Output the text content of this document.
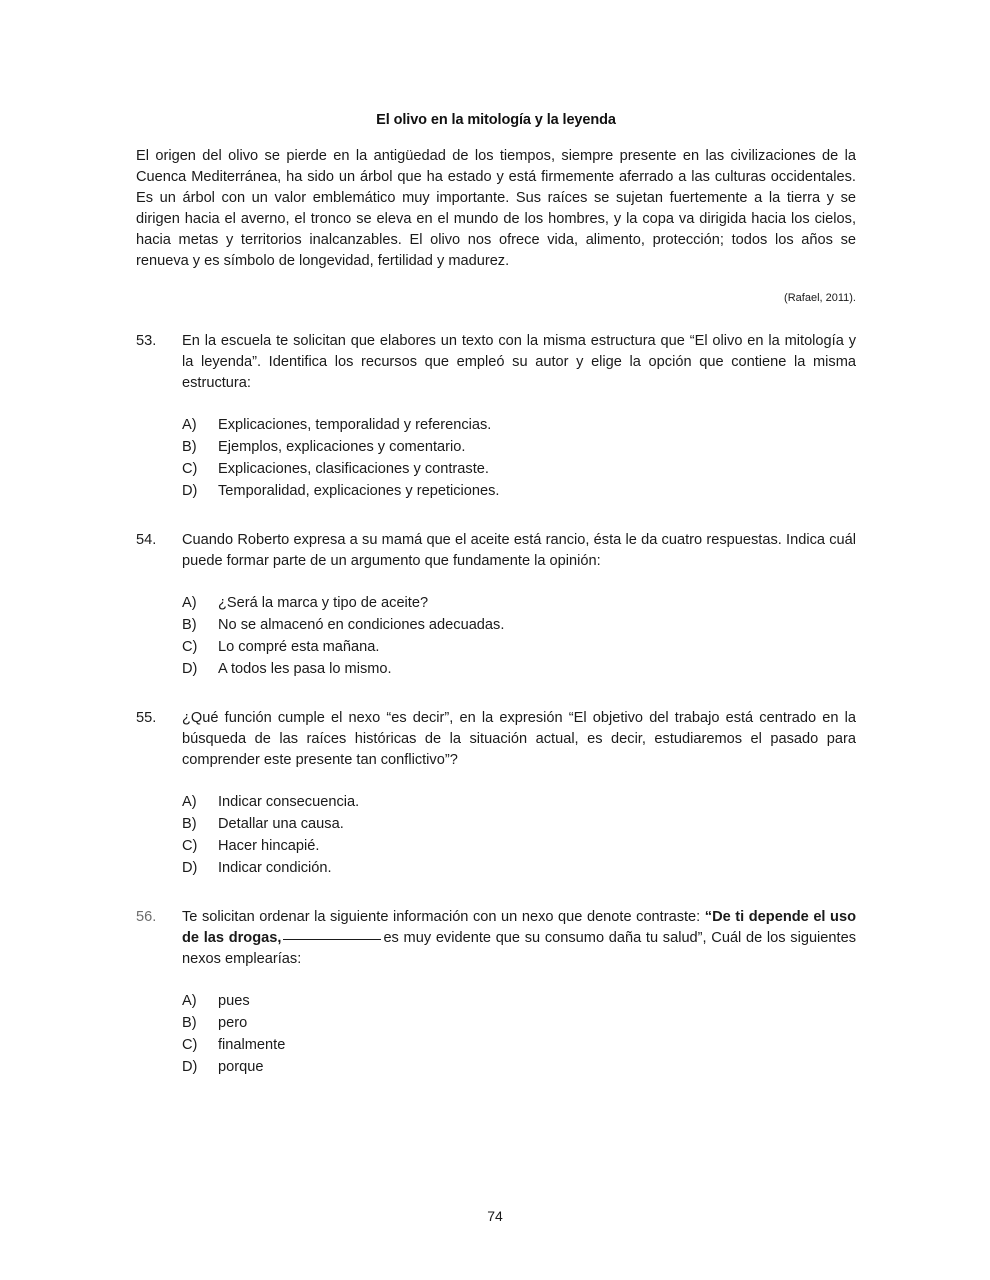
El olivo en la mitología y la leyenda

El origen del olivo se pierde en la antigüedad de los tiempos, siempre presente en las civilizaciones de la Cuenca Mediterránea, ha sido un árbol que ha estado y está firmemente aferrado a las culturas occidentales. Es un árbol con un valor emblemático muy importante. Sus raíces se sujetan fuertemente a la tierra y se dirigen hacia el averno, el tronco se eleva en el mundo de los hombres, y la copa va dirigida hacia los cielos, hacia metas y territorios inalcanzables. El olivo nos ofrece vida, alimento, protección; todos los años se renueva y es símbolo de longevidad, fertilidad y madurez.

(Rafael, 2011).

53.	En la escuela te solicitan que elabores un texto con la misma estructura que “El olivo en la mitología y la leyenda”. Identifica los recursos que empleó su autor y elige la opción que contiene la misma estructura:
A)	Explicaciones, temporalidad y referencias.
B)	Ejemplos, explicaciones y comentario.
C)	Explicaciones, clasificaciones y contraste.
D)	Temporalidad, explicaciones y repeticiones.
54.	Cuando Roberto expresa a su mamá que el aceite está rancio, ésta le da cuatro respuestas. Indica cuál puede formar parte de un argumento que fundamente la opinión:
A)	¿Será la marca y tipo de aceite?
B)	No se almacenó en condiciones adecuadas.
C)	Lo compré esta mañana.
D)	A todos les pasa lo mismo.
55.	¿Qué función cumple el nexo “es decir”, en la expresión “El objetivo del trabajo está centrado en la búsqueda de las raíces históricas de la situación actual, es decir, estudiaremos el pasado para comprender este presente tan conflictivo”?
A)	Indicar consecuencia.
B)	Detallar una causa.
C)	Hacer hincapié.
D)	Indicar condición.
56.	Te solicitan ordenar la siguiente información con un nexo que denote contraste: “De ti depende el uso de las drogas,	es muy evidente que su consumo daña tu salud”, Cuál de los siguientes nexos emplearías:
A)	pues
B)	pero
C)	finalmente
D)	porque
74
